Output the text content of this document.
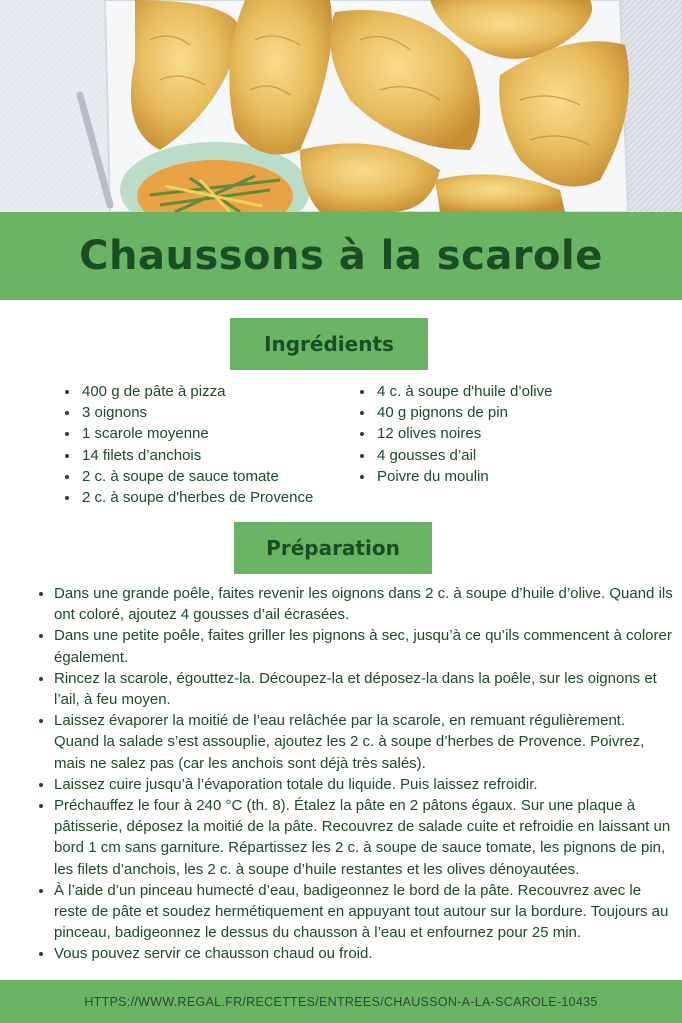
Chaussons à la scarole
Ingrédients
• 400 g de pâte à pizza
• 3 oignons
• 1 scarole moyenne
• 14 filets d’anchois
• 2 c. à soupe de sauce tomate
• 2 c. à soupe d'herbes de Provence
• 4 c. à soupe d'huile d’olive
• 40 g pignons de pin
• 12 olives noires
• 4 gousses d’ail
• Poivre du moulin
Préparation
• Dans une grande poêle, faites revenir les oignons dans 2 c. à soupe d’huile d’olive. Quand ils ont coloré, ajoutez 4 gousses d’ail écrasées.
• Dans une petite poêle, faites griller les pignons à sec, jusqu’à ce qu’ils commencent à colorer également.
• Rincez la scarole, égouttez-la. Découpez-la et déposez-la dans la poêle, sur les oignons et l’ail, à feu moyen.
• Laissez évaporer la moitié de l’eau relâchée par la scarole, en remuant régulièrement. Quand la salade s’est assouplie, ajoutez les 2 c. à soupe d’herbes de Provence. Poivrez, mais ne salez pas (car les anchois sont déjà très salés).
• Laissez cuire jusqu’à l’évaporation totale du liquide. Puis laissez refroidir.
• Préchauffez le four à 240 °C (th. 8). Étalez la pâte en 2 pâtons égaux. Sur une plaque à pâtisserie, déposez la moitié de la pâte. Recouvrez de salade cuite et refroidie en laissant un bord 1 cm sans garniture. Répartissez les 2 c. à soupe de sauce tomate, les pignons de pin, les filets d’anchois, les 2 c. à soupe d’huile restantes et les olives dénoyautées.
• À l’aide d’un pinceau humecté d’eau, badigeonnez le bord de la pâte. Recouvrez avec le reste de pâte et soudez hermétiquement en appuyant tout autour sur la bordure. Toujours au pinceau, badigeonnez le dessus du chausson à l’eau et enfournez pour 25 min.
• Vous pouvez servir ce chausson chaud ou froid.
HTTPS://WWW.REGAL.FR/RECETTES/ENTREES/CHAUSSON-A-LA-SCAROLE-10435
